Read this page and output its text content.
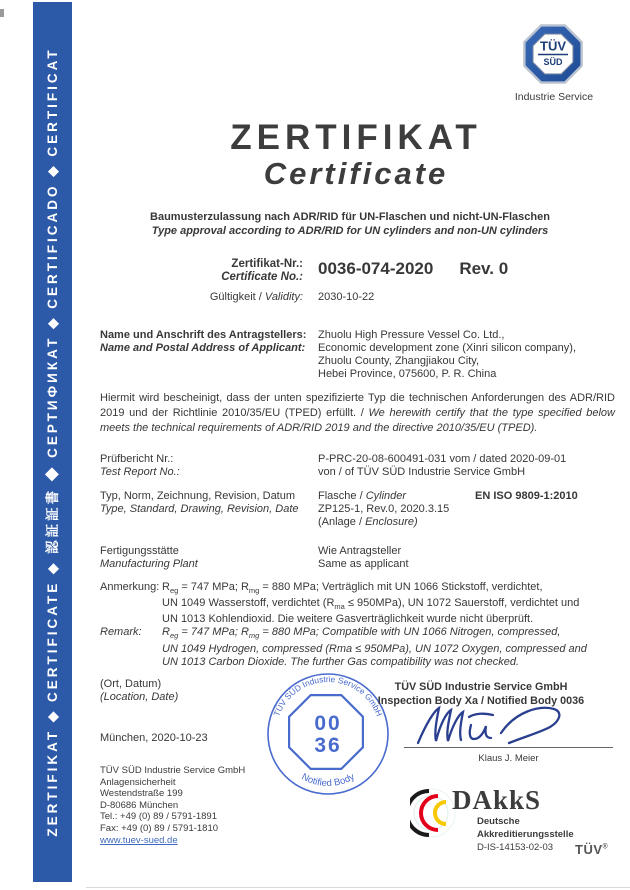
ZERTIFIKAT ◆ CERTIFICATE ◆ 認証証書 ◆ СЕРТИФИКАТ ◆ CERTIFICADO ◆ CERTIFICAT
TÜV
SÜD
Industrie Service
ZERTIFIKAT
Certificate
Baumusterzulassung nach ADR/RID für UN-Flaschen und nicht-UN-Flaschen
Type approval according to ADR/RID for UN cylinders and non-UN cylinders
Zertifikat-Nr.:
Certificate No.: 0036-074-2020 Rev. 0
Gültigkeit / Validity: 2030-10-22
Name und Anschrift des Antragstellers:
Name and Postal Address of Applicant:
Zhuolu High Pressure Vessel Co. Ltd.,
Economic development zone (Xinri silicon company),
Zhuolu County, Zhangjiakou City,
Hebei Province, 075600, P. R. China

Hiermit wird bescheinigt, dass der unten spezifizierte Typ die technischen Anforderungen des ADR/RID 2019 und der Richtlinie 2010/35/EU (TPED) erfüllt. / We herewith certify that the type specified below meets the technical requirements of ADR/RID 2019 and the directive 2010/35/EU (TPED).

Prüfbericht Nr.:
Test Report No.:
P-PRC-20-08-600491-031 vom / dated 2020-09-01
von / of TÜV SÜD Industrie Service GmbH
Typ, Norm, Zeichnung, Revision, Datum
Type, Standard, Drawing, Revision, Date
Flasche / Cylinder
ZP125-1, Rev.0, 2020.3.15
(Anlage / Enclosure)
EN ISO 9809-1:2010
Fertigungsstätte
Manufacturing Plant
Wie Antragsteller
Same as applicant
Anmerkung: $R_{eg} = 747$ MPa; $R_{mg} = 880$ MPa; Verträglich mit UN 1066 Stickstoff, verdichtet,
UN 1049 Wasserstoff, verdichtet $(R_{ma} \le 950MPa)$, UN 1072 Sauerstoff, verdichtet und
UN 1013 Kohlendioxid. Die weitere Gasverträglichkeit wurde nicht überprüft.
Remark:	$R_{eg} = 747$ MPa; $R_{mg} = 880$ MPa; Compatible with UN 1066 Nitrogen, compressed,
UN 1049 Hydrogen, compressed (Rma ≤ 950MPa), UN 1072 Oxygen, compressed and
UN 1013 Carbon Dioxide. The further Gas compatibility was not checked.
(Ort, Datum)
(Location, Date)
München, 2020-10-23
TÜV SÜD Industrie Service GmbH
Anlagensicherheit
Westendstraße 199
D-80686 München
Tel.: +49 (0) 89 / 5791-1891
Fax: +49 (0) 89 / 5791-1810
www.tuev-sued.de
TÜV SÜD Industrie Service GmbH
Notified Body
00
36
TÜV SÜD Industrie Service GmbH
Inspection Body Xa / Notified Body 0036
Klaus J. Meier
DAkkS
Deutsche
Akkreditierungsstelle
D-IS-14153-02-03	TÜV®
